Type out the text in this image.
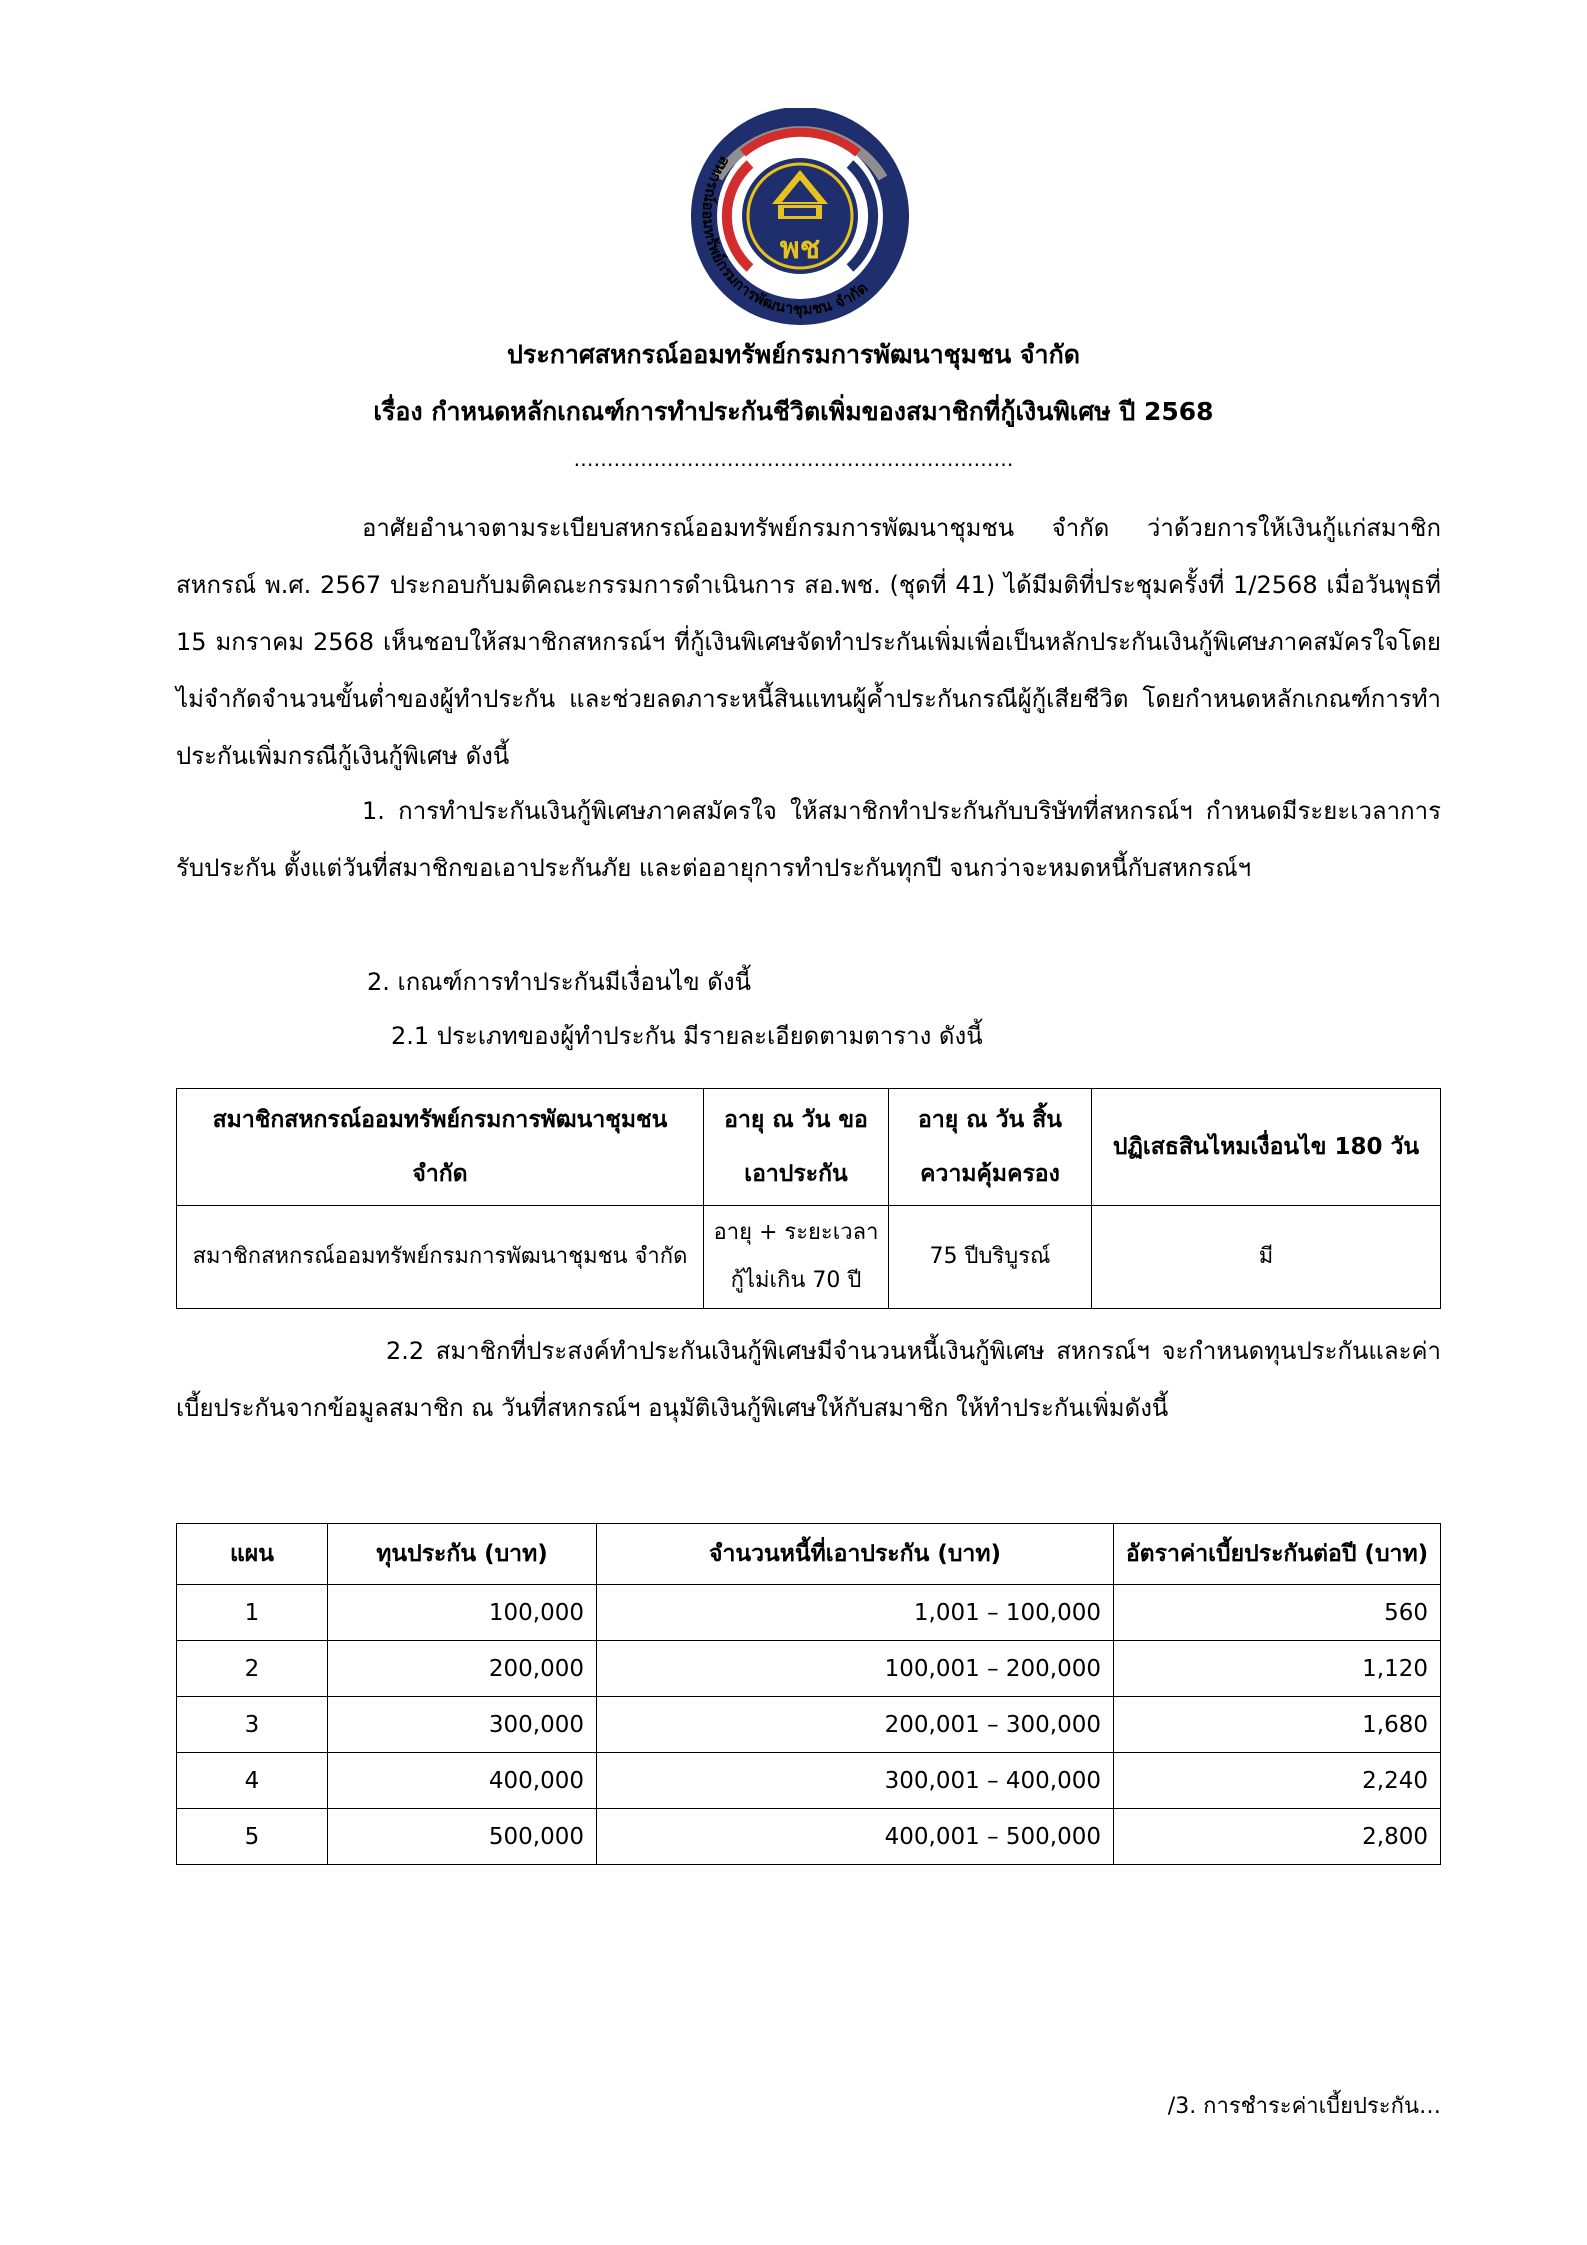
พช
สหกรณ์ออมทรัพย์กรมการพัฒนาชุมชน จำกัด
ประกาศสหกรณ์ออมทรัพย์กรมการพัฒนาชุมชน จำกัด
เรื่อง กำหนดหลักเกณฑ์การทำประกันชีวิตเพิ่มของสมาชิกที่กู้เงินพิเศษ ปี 2568
…………………………………………………………
อาศัยอำนาจตามระเบียบสหกรณ์ออมทรัพย์กรมการพัฒนาชุมชน จำกัด ว่าด้วยการให้เงินกู้แก่สมาชิกสหกรณ์ พ.ศ. 2567 ประกอบกับมติคณะกรรมการดำเนินการ สอ.พช. (ชุดที่ 41) ได้มีมติที่ประชุมครั้งที่ 1/2568 เมื่อวันพุธที่ 15 มกราคม 2568 เห็นชอบให้สมาชิกสหกรณ์ฯ ที่กู้เงินพิเศษจัดทำประกันเพิ่มเพื่อเป็นหลักประกันเงินกู้พิเศษภาคสมัครใจโดยไม่จำกัดจำนวนขั้นต่ำของผู้ทำประกัน และช่วยลดภาระหนี้สินแทนผู้ค้ำประกันกรณีผู้กู้เสียชีวิต โดยกำหนดหลักเกณฑ์การทำประกันเพิ่มกรณีกู้เงินกู้พิเศษ ดังนี้
1. การทำประกันเงินกู้พิเศษภาคสมัครใจ ให้สมาชิกทำประกันกับบริษัทที่สหกรณ์ฯ กำหนดมีระยะเวลาการรับประกัน ตั้งแต่วันที่สมาชิกขอเอาประกันภัย และต่ออายุการทำประกันทุกปี จนกว่าจะหมดหนี้กับสหกรณ์ฯ
2. เกณฑ์การทำประกันมีเงื่อนไข ดังนี้
2.1 ประเภทของผู้ทำประกัน มีรายละเอียดตามตาราง ดังนี้
สมาชิกสหกรณ์ออมทรัพย์กรมการพัฒนาชุมชน จำกัด	อายุ ณ วัน ขอเอาประกัน	อายุ ณ วัน สิ้นความคุ้มครอง	ปฏิเสธสินไหมเงื่อนไข 180 วัน
สมาชิกสหกรณ์ออมทรัพย์กรมการพัฒนาชุมชน จำกัด	อายุ + ระยะเวลากู้ไม่เกิน 70 ปี	75 ปีบริบูรณ์	มี
2.2 สมาชิกที่ประสงค์ทำประกันเงินกู้พิเศษมีจำนวนหนี้เงินกู้พิเศษ สหกรณ์ฯ จะกำหนดทุนประกันและค่าเบี้ยประกันจากข้อมูลสมาชิก ณ วันที่สหกรณ์ฯ อนุมัติเงินกู้พิเศษให้กับสมาชิก ให้ทำประกันเพิ่มดังนี้
แผน	ทุนประกัน (บาท)	จำนวนหนี้ที่เอาประกัน (บาท)	อัตราค่าเบี้ยประกันต่อปี (บาท)
1	100,000	1,001 – 100,000	560
2	200,000	100,001 – 200,000	1,120
3	300,000	200,001 – 300,000	1,680
4	400,000	300,001 – 400,000	2,240
5	500,000	400,001 – 500,000	2,800
/3. การชำระค่าเบี้ยประกัน…
